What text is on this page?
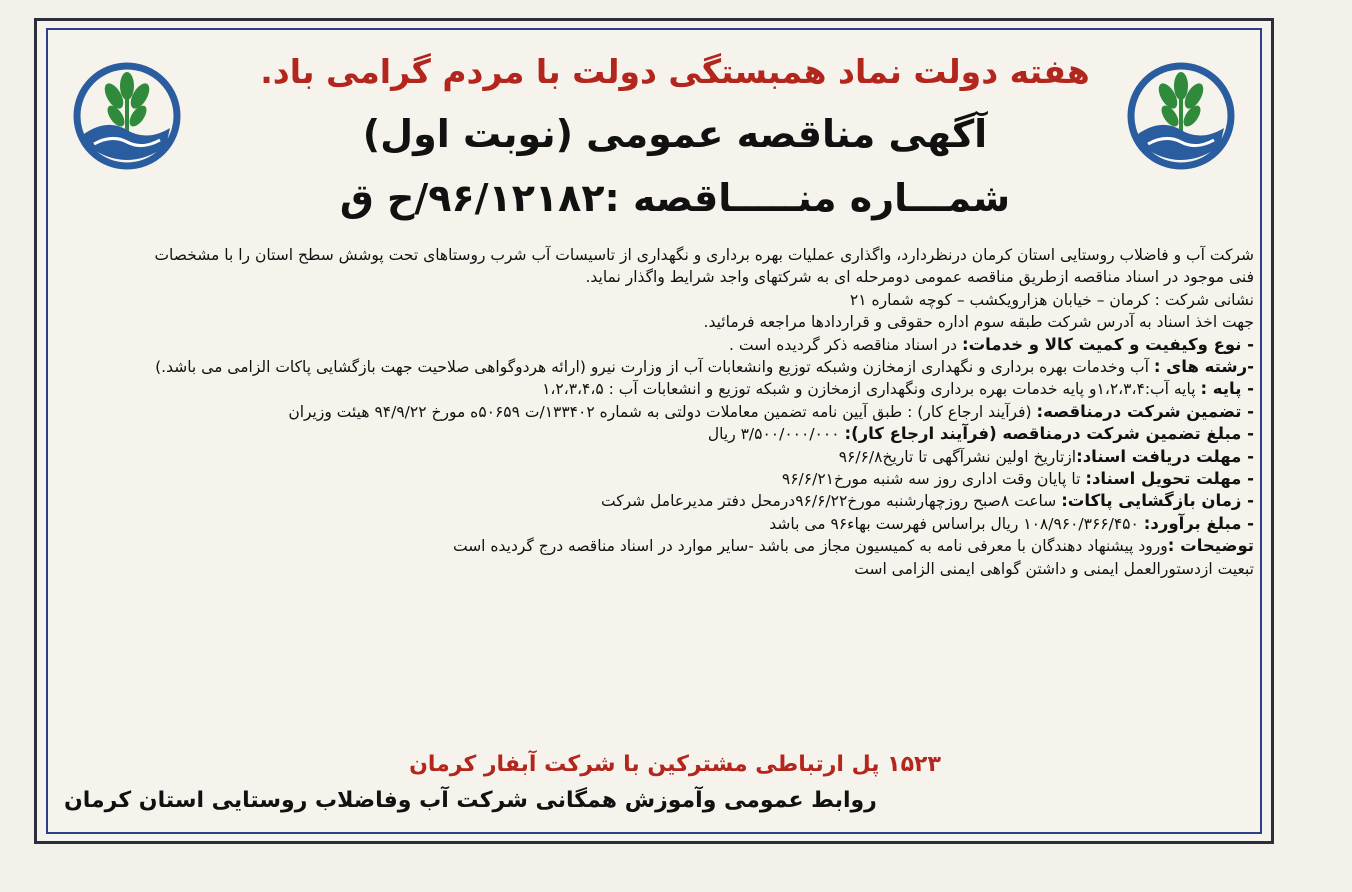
هفته دولت نماد همبستگی دولت با مردم گرامی باد.
آگهی مناقصه عمومی (نوبت اول)
شمـــاره منـــــاقصه :۹۶/۱۲۱۸۲/ح ق

شرکت آب و فاضلاب روستایی استان کرمان درنظردارد، واگذاری عملیات بهره برداری و نگهداری از تاسیسات آب شرب روستاهای تحت پوشش سطح استان را با مشخصات

فنی موجود در اسناد مناقصه ازطریق مناقصه عمومی دومرحله ای به شرکتهای واجد شرایط واگذار نماید.

نشانی شرکت : کرمان – خیابان هزارویکشب – کوچه شماره ۲۱

جهت اخذ اسناد به آدرس شرکت طبقه سوم اداره حقوقی و قراردادها مراجعه فرمائید.

- نوع وکیفیت و کمیت کالا و خدمات: در اسناد مناقصه ذکر گردیده است .

-رشته های : آب وخدمات بهره برداری و نگهداری ازمخازن وشبکه توزیع وانشعابات آب از وزارت نیرو (ارائه هردوگواهی صلاحیت جهت بازگشایی پاکات الزامی می باشد.)

- پایه : پایه آب:۱،۲،۳،۴و پایه خدمات بهره برداری ونگهداری ازمخازن و شبکه توزیع و انشعابات آب : ۱،۲،۳،۴،۵

- تضمین شرکت درمناقصه: (فرآیند ارجاع کار) : طبق آیین نامه تضمین معاملات دولتی به شماره ۱۳۳۴۰۲/ت ۵۰۶۵۹ه مورخ ۹۴/۹/۲۲ هیئت وزیران

- مبلغ تضمین شرکت درمناقصه (فرآیند ارجاع کار): ۳/۵۰۰/۰۰۰/۰۰۰ ریال

- مهلت دریافت اسناد:ازتاریخ اولین نشرآگهی تا تاریخ۹۶/۶/۸

- مهلت تحویل اسناد: تا پایان وقت اداری روز سه شنبه مورخ۹۶/۶/۲۱

- زمان بازگشایی پاکات: ساعت ۸صبح روزچهارشنبه مورخ۹۶/۶/۲۲درمحل دفتر مدیرعامل شرکت

- مبلغ برآورد: ۱۰۸/۹۶۰/۳۶۶/۴۵۰ ریال براساس فهرست بهاء۹۶ می باشد

توضیحات :ورود پیشنهاد دهندگان با معرفی نامه به کمیسیون مجاز می باشد -سایر موارد در اسناد مناقصه درج گردیده است

تبعیت ازدستورالعمل ایمنی و داشتن گواهی ایمنی الزامی است

۱۵۲۳ پل ارتباطی مشترکین با شرکت آبفار کرمان
روابط عمومی وآموزش همگانی شرکت آب وفاضلاب روستایی استان کرمان
